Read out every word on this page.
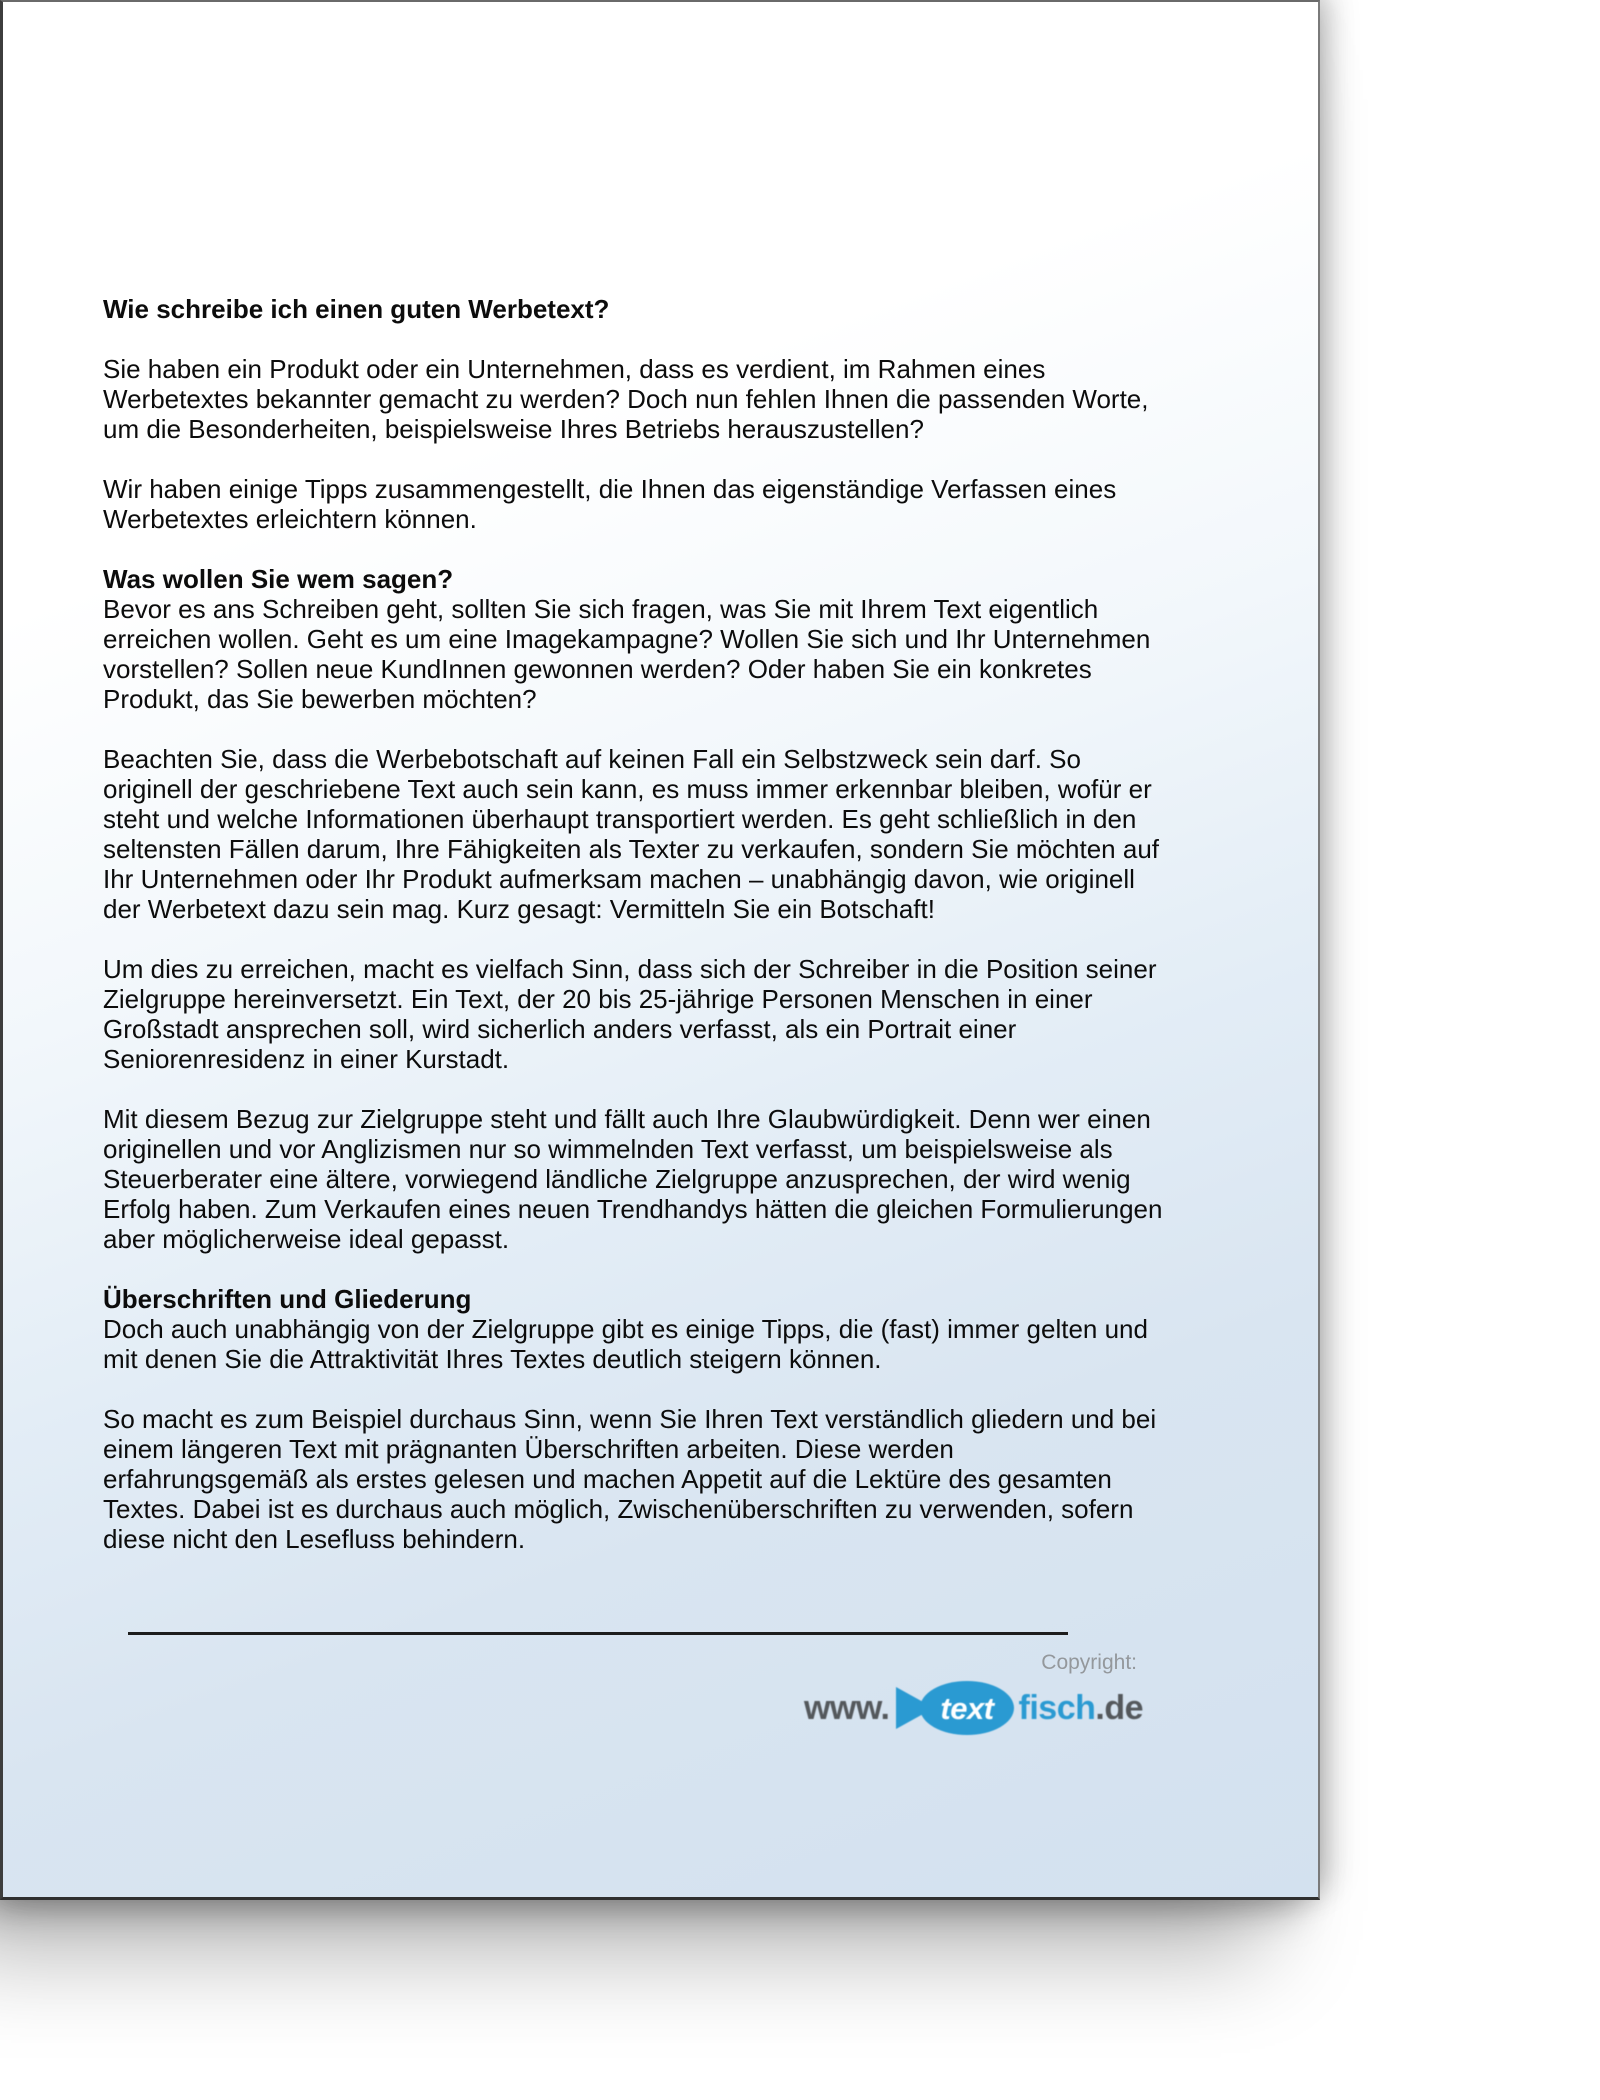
Wie schreibe ich einen guten Werbetext?

Sie haben ein Produkt oder ein Unternehmen, dass es verdient, im Rahmen eines Werbetextes bekannter gemacht zu werden? Doch nun fehlen Ihnen die passenden Worte, um die Besonderheiten, beispielsweise Ihres Betriebs herauszustellen?

Wir haben einige Tipps zusammengestellt, die Ihnen das eigenständige Verfassen eines Werbetextes erleichtern können.

Was wollen Sie wem sagen?

Bevor es ans Schreiben geht, sollten Sie sich fragen, was Sie mit Ihrem Text eigentlich erreichen wollen. Geht es um eine Imagekampagne? Wollen Sie sich und Ihr Unternehmen vorstellen? Sollen neue KundInnen gewonnen werden? Oder haben Sie ein konkretes Produkt, das Sie bewerben möchten?

Beachten Sie, dass die Werbebotschaft auf keinen Fall ein Selbstzweck sein darf. So originell der geschriebene Text auch sein kann, es muss immer erkennbar bleiben, wofür er steht und welche Informationen überhaupt transportiert werden. Es geht schließlich in den seltensten Fällen darum, Ihre Fähigkeiten als Texter zu verkaufen, sondern Sie möchten auf Ihr Unternehmen oder Ihr Produkt aufmerksam machen – unabhängig davon, wie originell der Werbetext dazu sein mag. Kurz gesagt: Vermitteln Sie ein Botschaft!

Um dies zu erreichen, macht es vielfach Sinn, dass sich der Schreiber in die Position seiner Zielgruppe hereinversetzt. Ein Text, der 20 bis 25-jährige Personen Menschen in einer Großstadt ansprechen soll, wird sicherlich anders verfasst, als ein Portrait einer Seniorenresidenz in einer Kurstadt.

Mit diesem Bezug zur Zielgruppe steht und fällt auch Ihre Glaubwürdigkeit. Denn wer einen originellen und vor Anglizismen nur so wimmelnden Text verfasst, um beispielsweise als Steuerberater eine ältere, vorwiegend ländliche Zielgruppe anzusprechen, der wird wenig Erfolg haben. Zum Verkaufen eines neuen Trendhandys hätten die gleichen Formulierungen aber möglicherweise ideal gepasst.

Überschriften und Gliederung

Doch auch unabhängig von der Zielgruppe gibt es einige Tipps, die (fast) immer gelten und mit denen Sie die Attraktivität Ihres Textes deutlich steigern können.

So macht es zum Beispiel durchaus Sinn, wenn Sie Ihren Text verständlich gliedern und bei einem längeren Text mit prägnanten Überschriften arbeiten. Diese werden erfahrungsgemäß als erstes gelesen und machen Appetit auf die Lektüre des gesamten Textes. Dabei ist es durchaus auch möglich, Zwischenüberschriften zu verwenden, sofern diese nicht den Lesefluss behindern.

Copyright:
www. text fisch .de
